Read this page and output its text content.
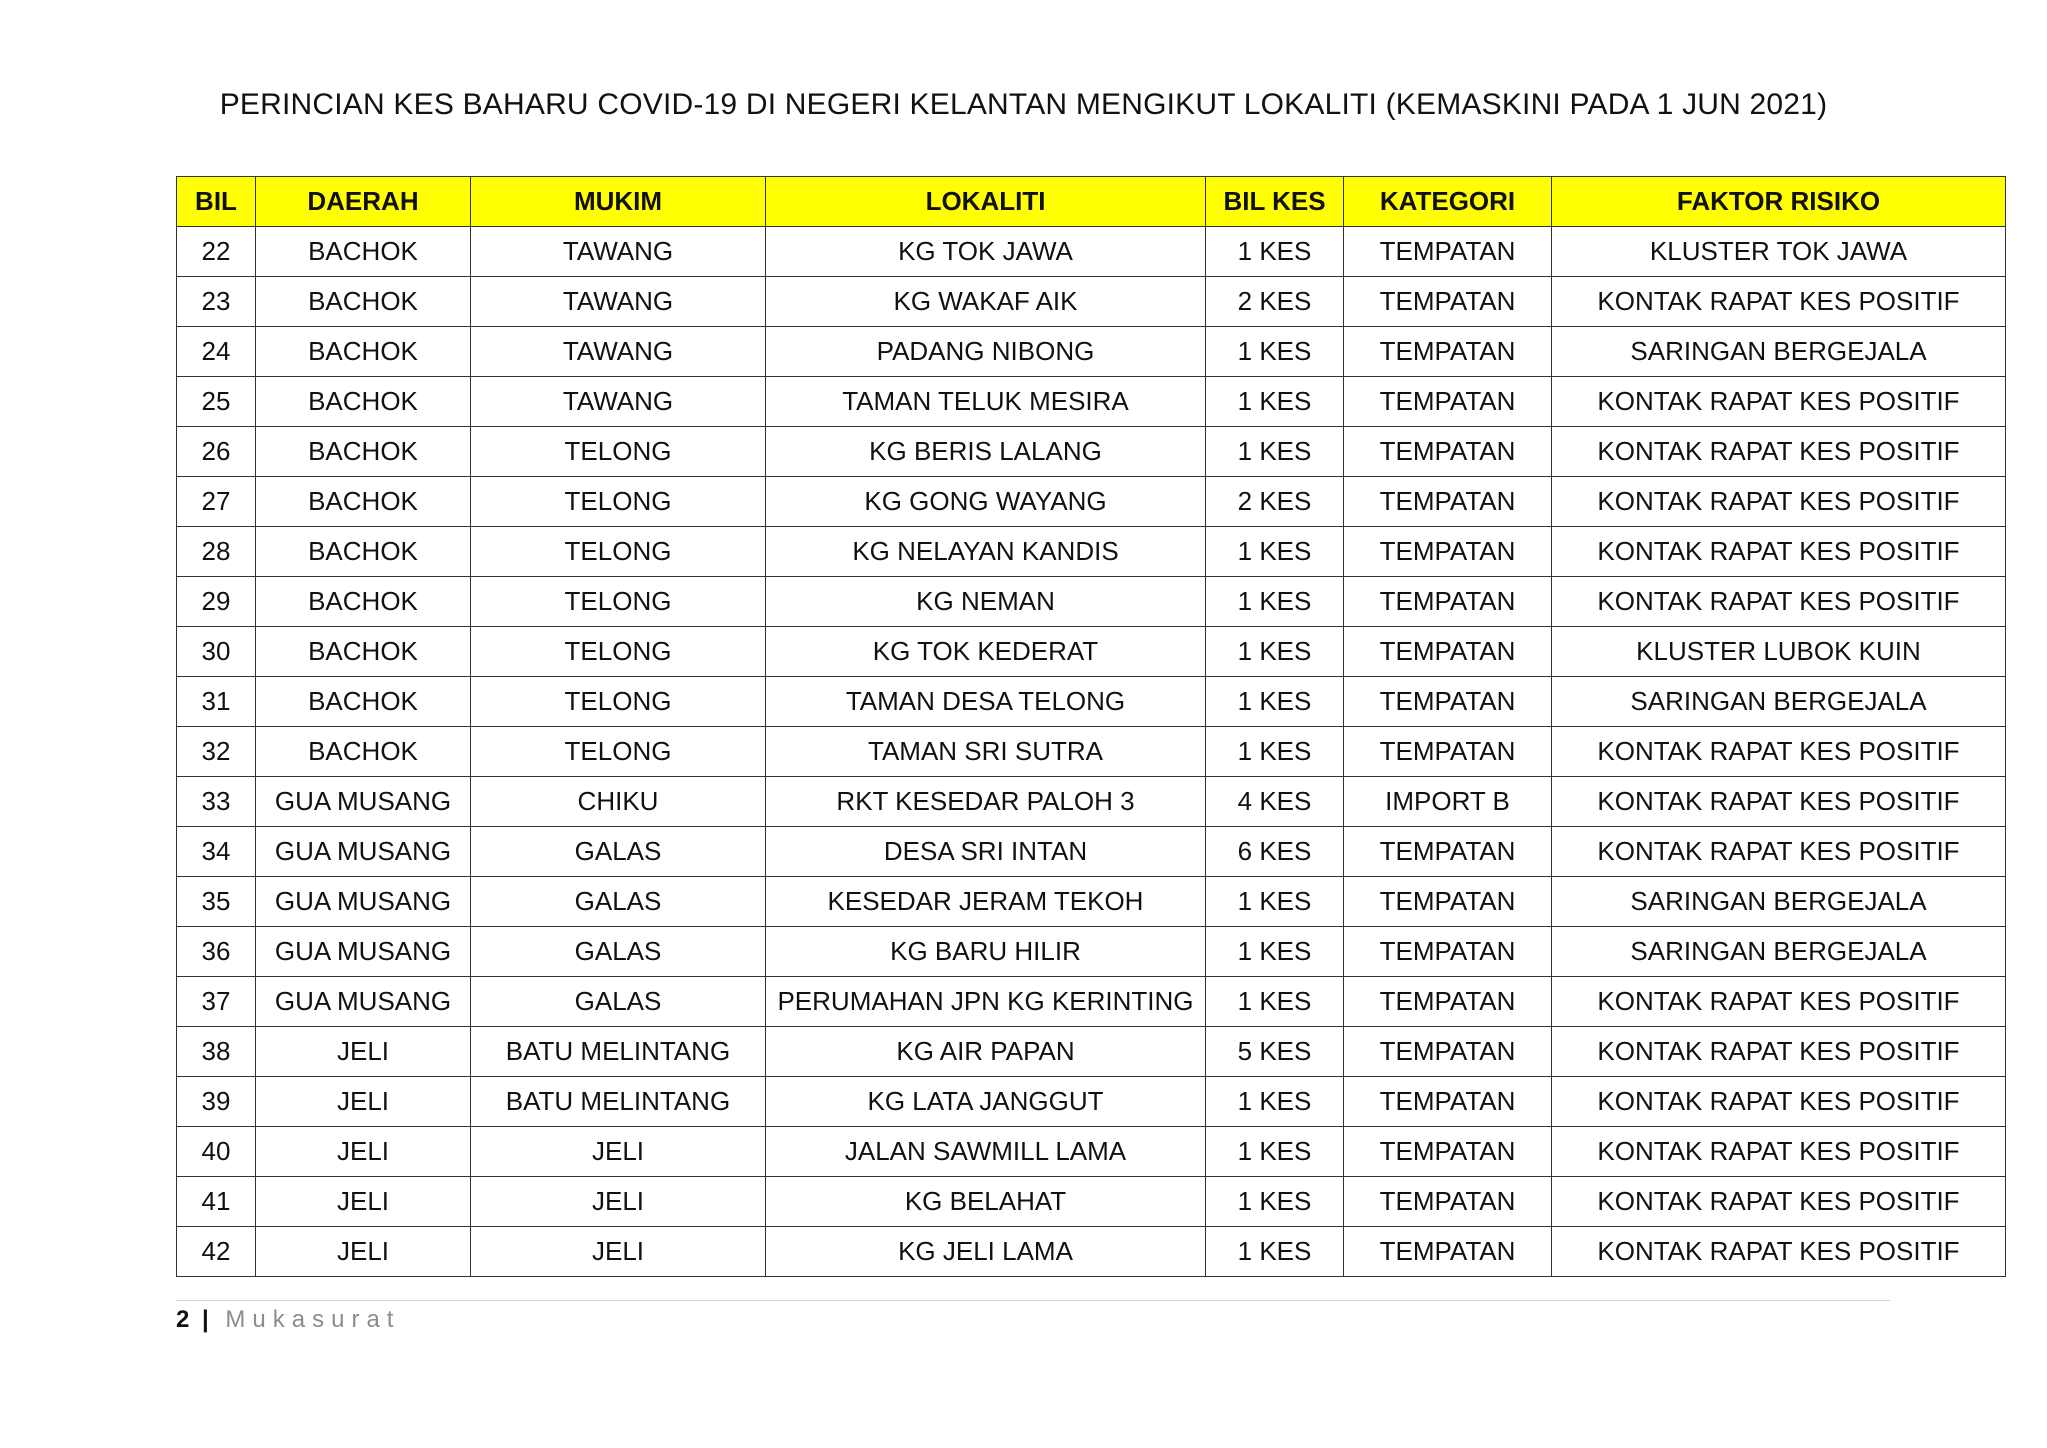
PERINCIAN KES BAHARU COVID-19 DI NEGERI KELANTAN MENGIKUT LOKALITI (KEMASKINI PADA 1 JUN 2021)
BIL	DAERAH	MUKIM	LOKALITI	BIL KES	KATEGORI	FAKTOR RISIKO
22	BACHOK	TAWANG	KG TOK JAWA	1 KES	TEMPATAN	KLUSTER TOK JAWA
23	BACHOK	TAWANG	KG WAKAF AIK	2 KES	TEMPATAN	KONTAK RAPAT KES POSITIF
24	BACHOK	TAWANG	PADANG NIBONG	1 KES	TEMPATAN	SARINGAN BERGEJALA
25	BACHOK	TAWANG	TAMAN TELUK MESIRA	1 KES	TEMPATAN	KONTAK RAPAT KES POSITIF
26	BACHOK	TELONG	KG BERIS LALANG	1 KES	TEMPATAN	KONTAK RAPAT KES POSITIF
27	BACHOK	TELONG	KG GONG WAYANG	2 KES	TEMPATAN	KONTAK RAPAT KES POSITIF
28	BACHOK	TELONG	KG NELAYAN KANDIS	1 KES	TEMPATAN	KONTAK RAPAT KES POSITIF
29	BACHOK	TELONG	KG NEMAN	1 KES	TEMPATAN	KONTAK RAPAT KES POSITIF
30	BACHOK	TELONG	KG TOK KEDERAT	1 KES	TEMPATAN	KLUSTER LUBOK KUIN
31	BACHOK	TELONG	TAMAN DESA TELONG	1 KES	TEMPATAN	SARINGAN BERGEJALA
32	BACHOK	TELONG	TAMAN SRI SUTRA	1 KES	TEMPATAN	KONTAK RAPAT KES POSITIF
33	GUA MUSANG	CHIKU	RKT KESEDAR PALOH 3	4 KES	IMPORT B	KONTAK RAPAT KES POSITIF
34	GUA MUSANG	GALAS	DESA SRI INTAN	6 KES	TEMPATAN	KONTAK RAPAT KES POSITIF
35	GUA MUSANG	GALAS	KESEDAR JERAM TEKOH	1 KES	TEMPATAN	SARINGAN BERGEJALA
36	GUA MUSANG	GALAS	KG BARU HILIR	1 KES	TEMPATAN	SARINGAN BERGEJALA
37	GUA MUSANG	GALAS	PERUMAHAN JPN KG KERINTING	1 KES	TEMPATAN	KONTAK RAPAT KES POSITIF
38	JELI	BATU MELINTANG	KG AIR PAPAN	5 KES	TEMPATAN	KONTAK RAPAT KES POSITIF
39	JELI	BATU MELINTANG	KG LATA JANGGUT	1 KES	TEMPATAN	KONTAK RAPAT KES POSITIF
40	JELI	JELI	JALAN SAWMILL LAMA	1 KES	TEMPATAN	KONTAK RAPAT KES POSITIF
41	JELI	JELI	KG BELAHAT	1 KES	TEMPATAN	KONTAK RAPAT KES POSITIF
42	JELI	JELI	KG JELI LAMA	1 KES	TEMPATAN	KONTAK RAPAT KES POSITIF
2 | Mukasurat
